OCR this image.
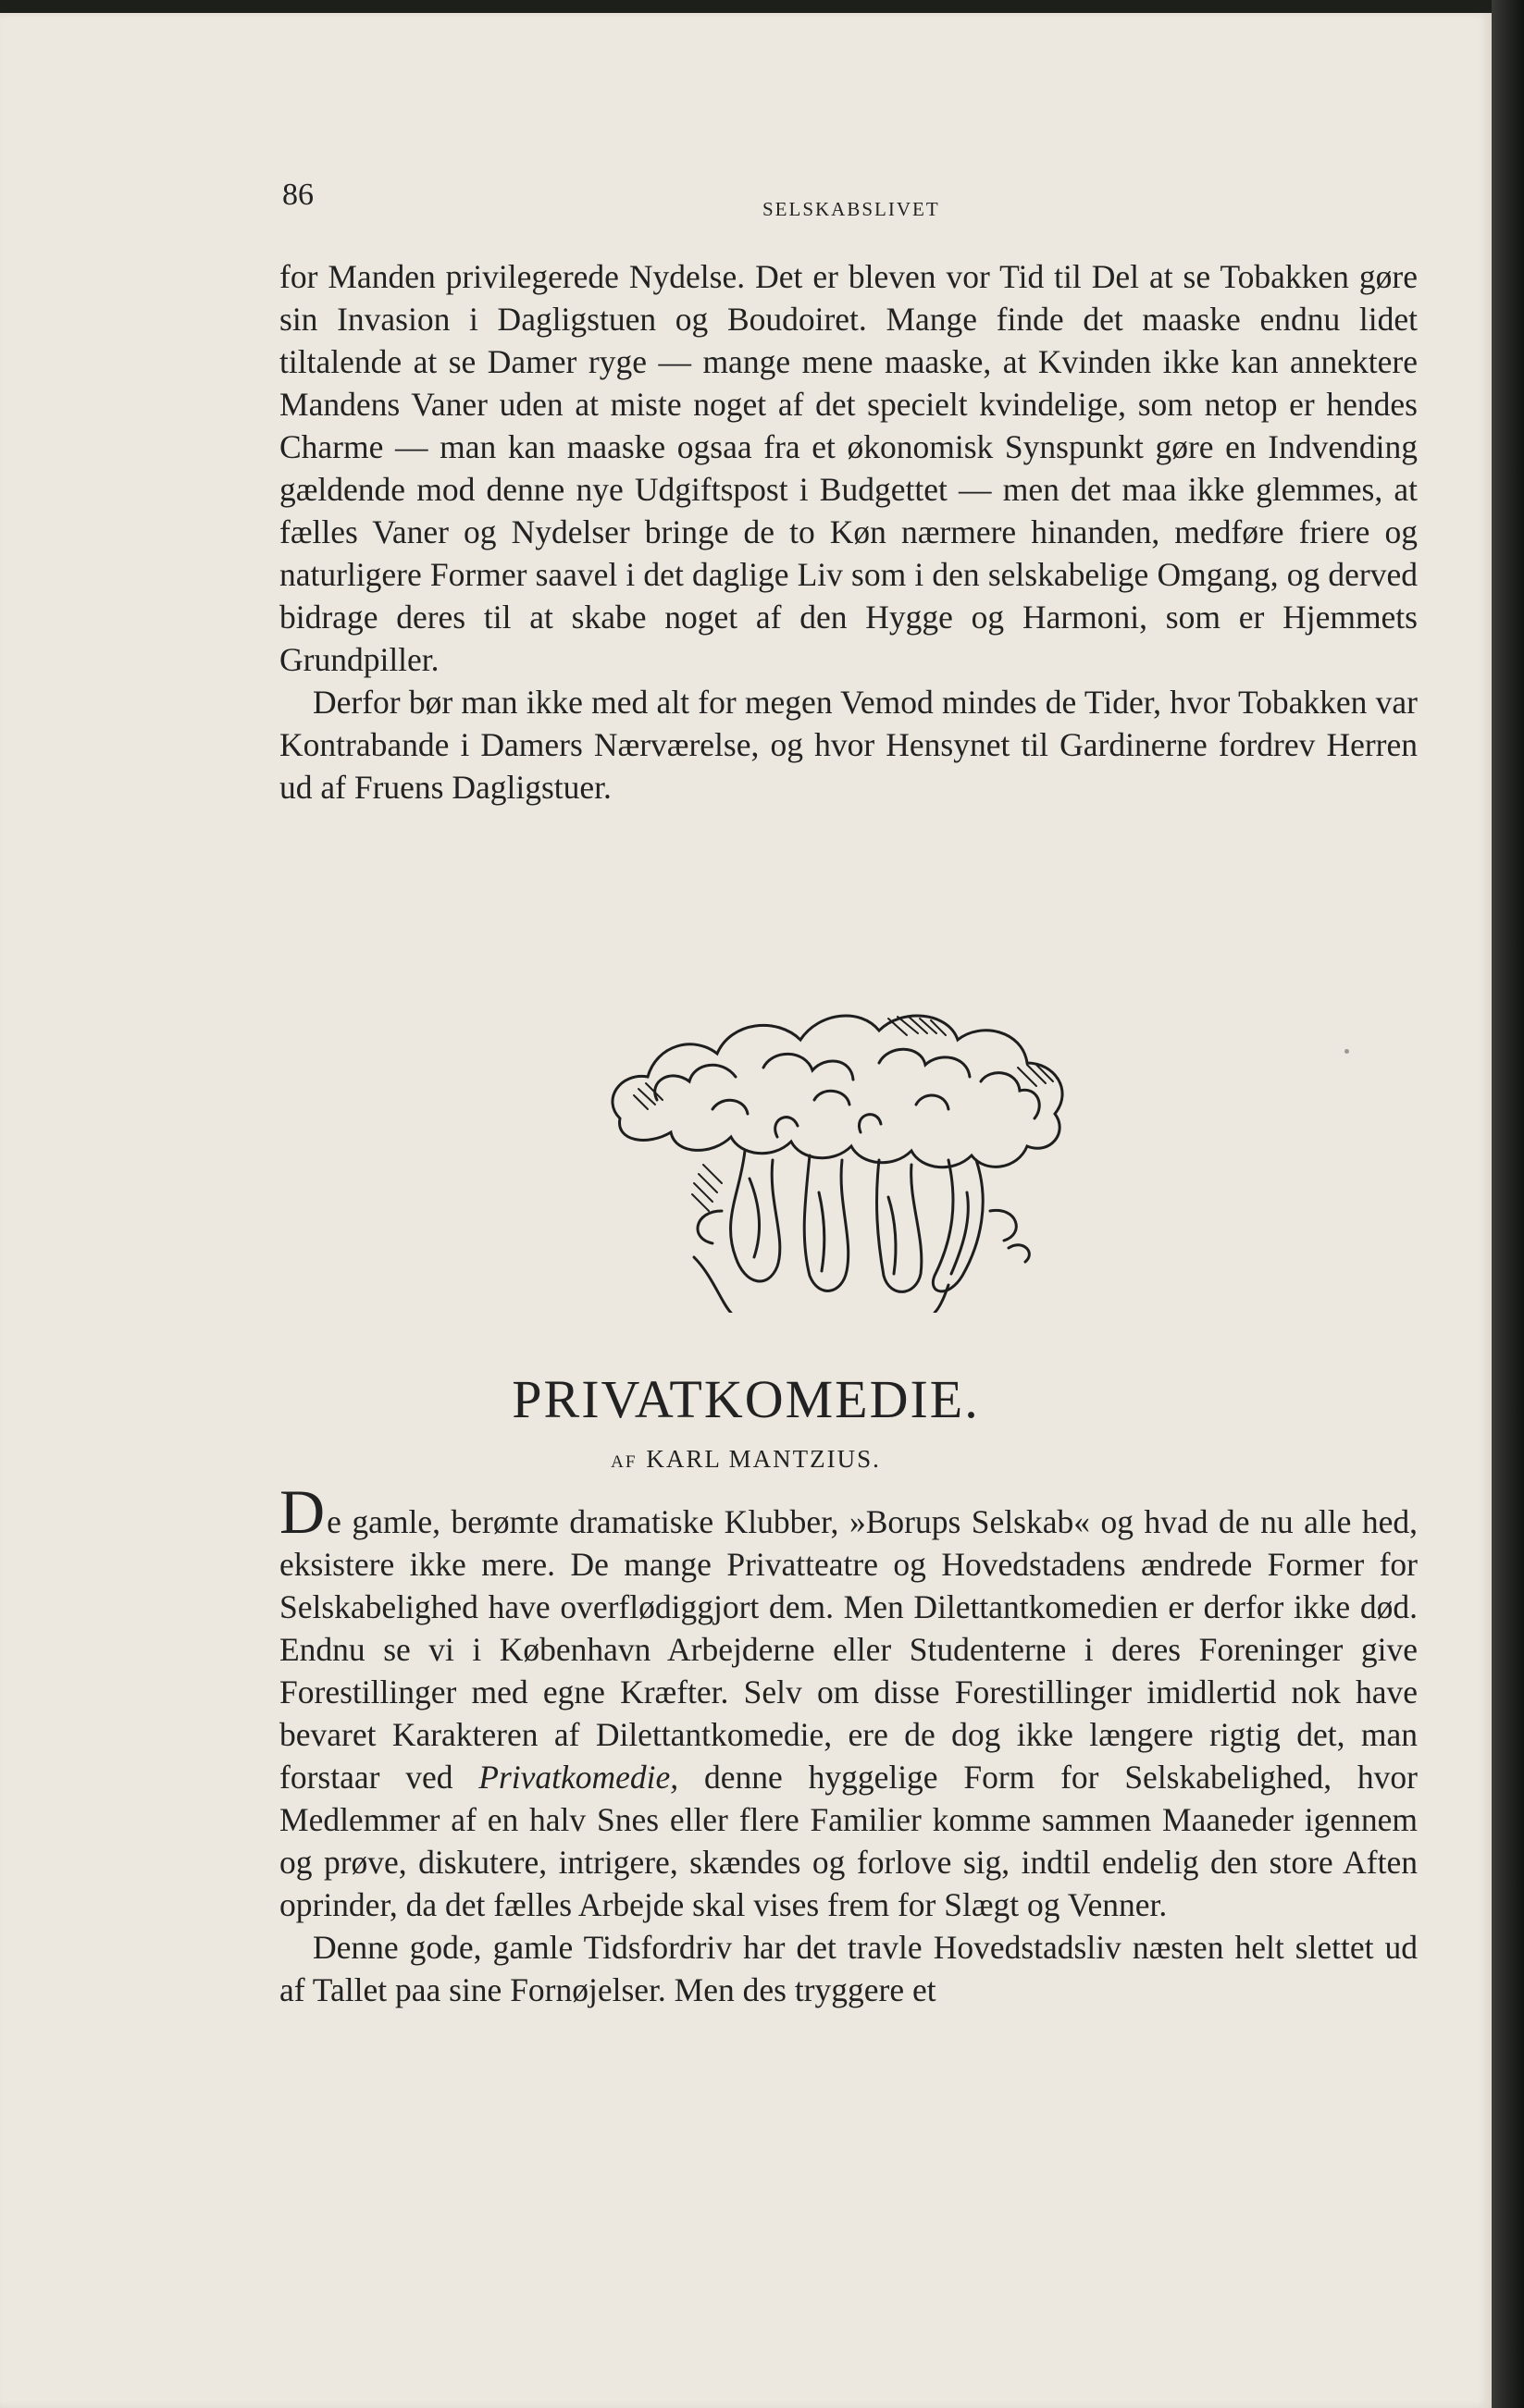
86	SELSKABSLIVET

for Manden privilegerede Nydelse. Det er bleven vor Tid til Del at se Tobakken gøre sin Invasion i Dagligstuen og Boudoiret. Mange finde det maaske endnu lidet tiltalende at se Damer ryge — mange mene maaske, at Kvinden ikke kan annektere Mandens Vaner uden at miste noget af det specielt kvindelige, som netop er hendes Charme — man kan maaske ogsaa fra et økonomisk Synspunkt gøre en Indvending gældende mod denne nye Udgiftspost i Budgettet — men det maa ikke glemmes, at fælles Vaner og Nydelser bringe de to Køn nærmere hinanden, medføre friere og naturligere Former saavel i det daglige Liv som i den selskabelige Omgang, og derved bidrage deres til at skabe noget af den Hygge og Harmoni, som er Hjemmets Grundpiller.

Derfor bør man ikke med alt for megen Vemod mindes de Tider, hvor Tobakken var Kontrabande i Damers Nærværelse, og hvor Hensynet til Gardinerne fordrev Herren ud af Fruens Dagligstuer.

PRIVATKOMEDIE.
AF KARL MANTZIUS.

De gamle, berømte dramatiske Klubber, »Borups Selskab« og hvad de nu alle hed, eksistere ikke mere. De mange Privatteatre og Hovedstadens ændrede Former for Selskabelighed have overflødiggjort dem. Men Dilettantkomedien er derfor ikke død. Endnu se vi i København Arbejderne eller Studenterne i deres Foreninger give Forestillinger med egne Kræfter. Selv om disse Forestillinger imidlertid nok have bevaret Karakteren af Dilettantkomedie, ere de dog ikke længere rigtig det, man forstaar ved Privatkomedie, denne hyggelige Form for Selskabelighed, hvor Medlemmer af en halv Snes eller flere Familier komme sammen Maaneder igennem og prøve, diskutere, intrigere, skændes og forlove sig, indtil endelig den store Aften oprinder, da det fælles Arbejde skal vises frem for Slægt og Venner.

Denne gode, gamle Tidsfordriv har det travle Hovedstadsliv næsten helt slettet ud af Tallet paa sine Fornøjelser. Men des tryggere et
